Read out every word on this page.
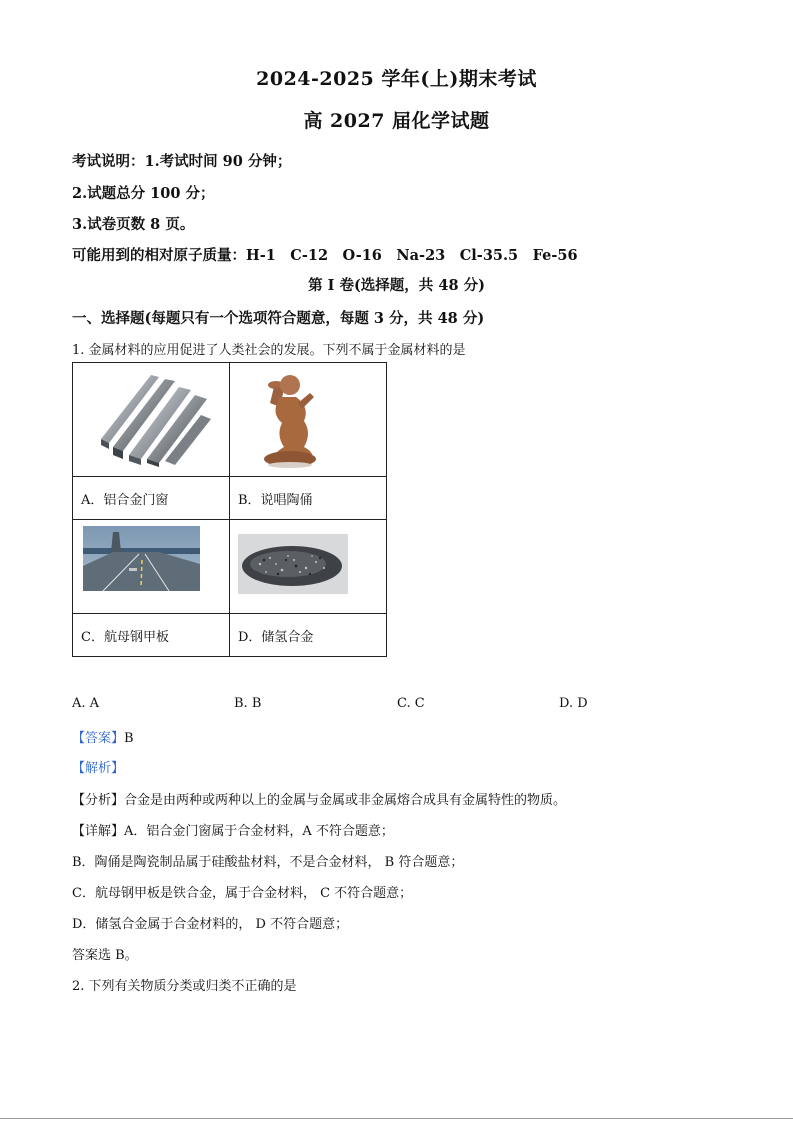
2024-2025 学年(上)期末考试
高 2027 届化学试题
考试说明：1.考试时间 90 分钟；
2.试题总分 100 分；
3.试卷页数 8 页。
可能用到的相对原子质量：H-1　C-12　O-16　Na-23　Cl-35.5　Fe-56
第 I 卷(选择题，共 48 分)
一、选择题(每题只有一个选项符合题意，每题 3 分，共 48 分)
1. 金属材料的应用促进了人类社会的发展。下列不属于金属材料的是

A．铝合金门窗	B．说唱陶俑

C．航母钢甲板	D．储氢合金
A. A	B. B	C. C	D. D
【答案】B
【解析】
【分析】合金是由两种或两种以上的金属与金属或非金属熔合成具有金属特性的物质。
【详解】A．铝合金门窗属于合金材料，A 不符合题意；
B．陶俑是陶瓷制品属于硅酸盐材料，不是合金材料， B 符合题意；
C．航母钢甲板是铁合金，属于合金材料， C 不符合题意；
D．储氢合金属于合金材料的， D 不符合题意；
答案选 B。
2. 下列有关物质分类或归类不正确的是
